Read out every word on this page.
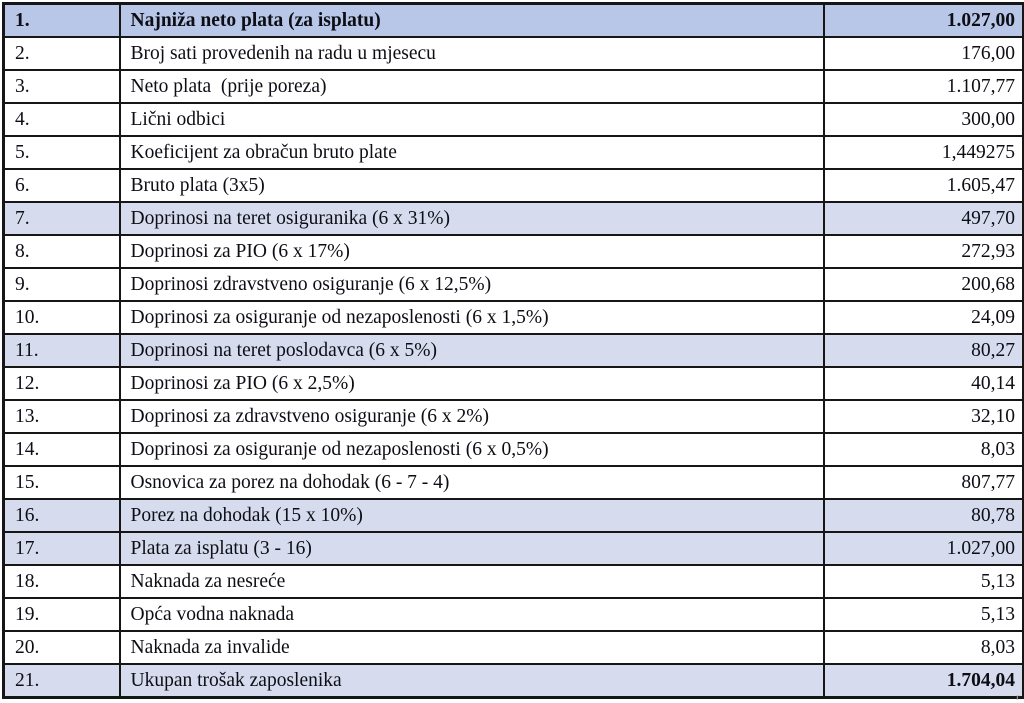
1.	Najniža neto plata (za isplatu)	1.027,00
2.	Broj sati provedenih na radu u mjesecu	176,00
3.	Neto plata  (prije poreza)	1.107,77
4.	Lični odbici	300,00
5.	Koeficijent za obračun bruto plate	1,449275
6.	Bruto plata (3x5)	1.605,47
7.	Doprinosi na teret osiguranika (6 x 31%)	497,70
8.	Doprinosi za PIO (6 x 17%)	272,93
9.	Doprinosi zdravstveno osiguranje (6 x 12,5%)	200,68
10.	Doprinosi za osiguranje od nezaposlenosti (6 x 1,5%)	24,09
11.	Doprinosi na teret poslodavca (6 x 5%)	80,27
12.	Doprinosi za PIO (6 x 2,5%)	40,14
13.	Doprinosi za zdravstveno osiguranje (6 x 2%)	32,10
14.	Doprinosi za osiguranje od nezaposlenosti (6 x 0,5%)	8,03
15.	Osnovica za porez na dohodak (6 - 7 - 4)	807,77
16.	Porez na dohodak (15 x 10%)	80,78
17.	Plata za isplatu (3 - 16)	1.027,00
18.	Naknada za nesreće	5,13
19.	Opća vodna naknada	5,13
20.	Naknada za invalide	8,03
21.	Ukupan trošak zaposlenika	1.704,04
r
